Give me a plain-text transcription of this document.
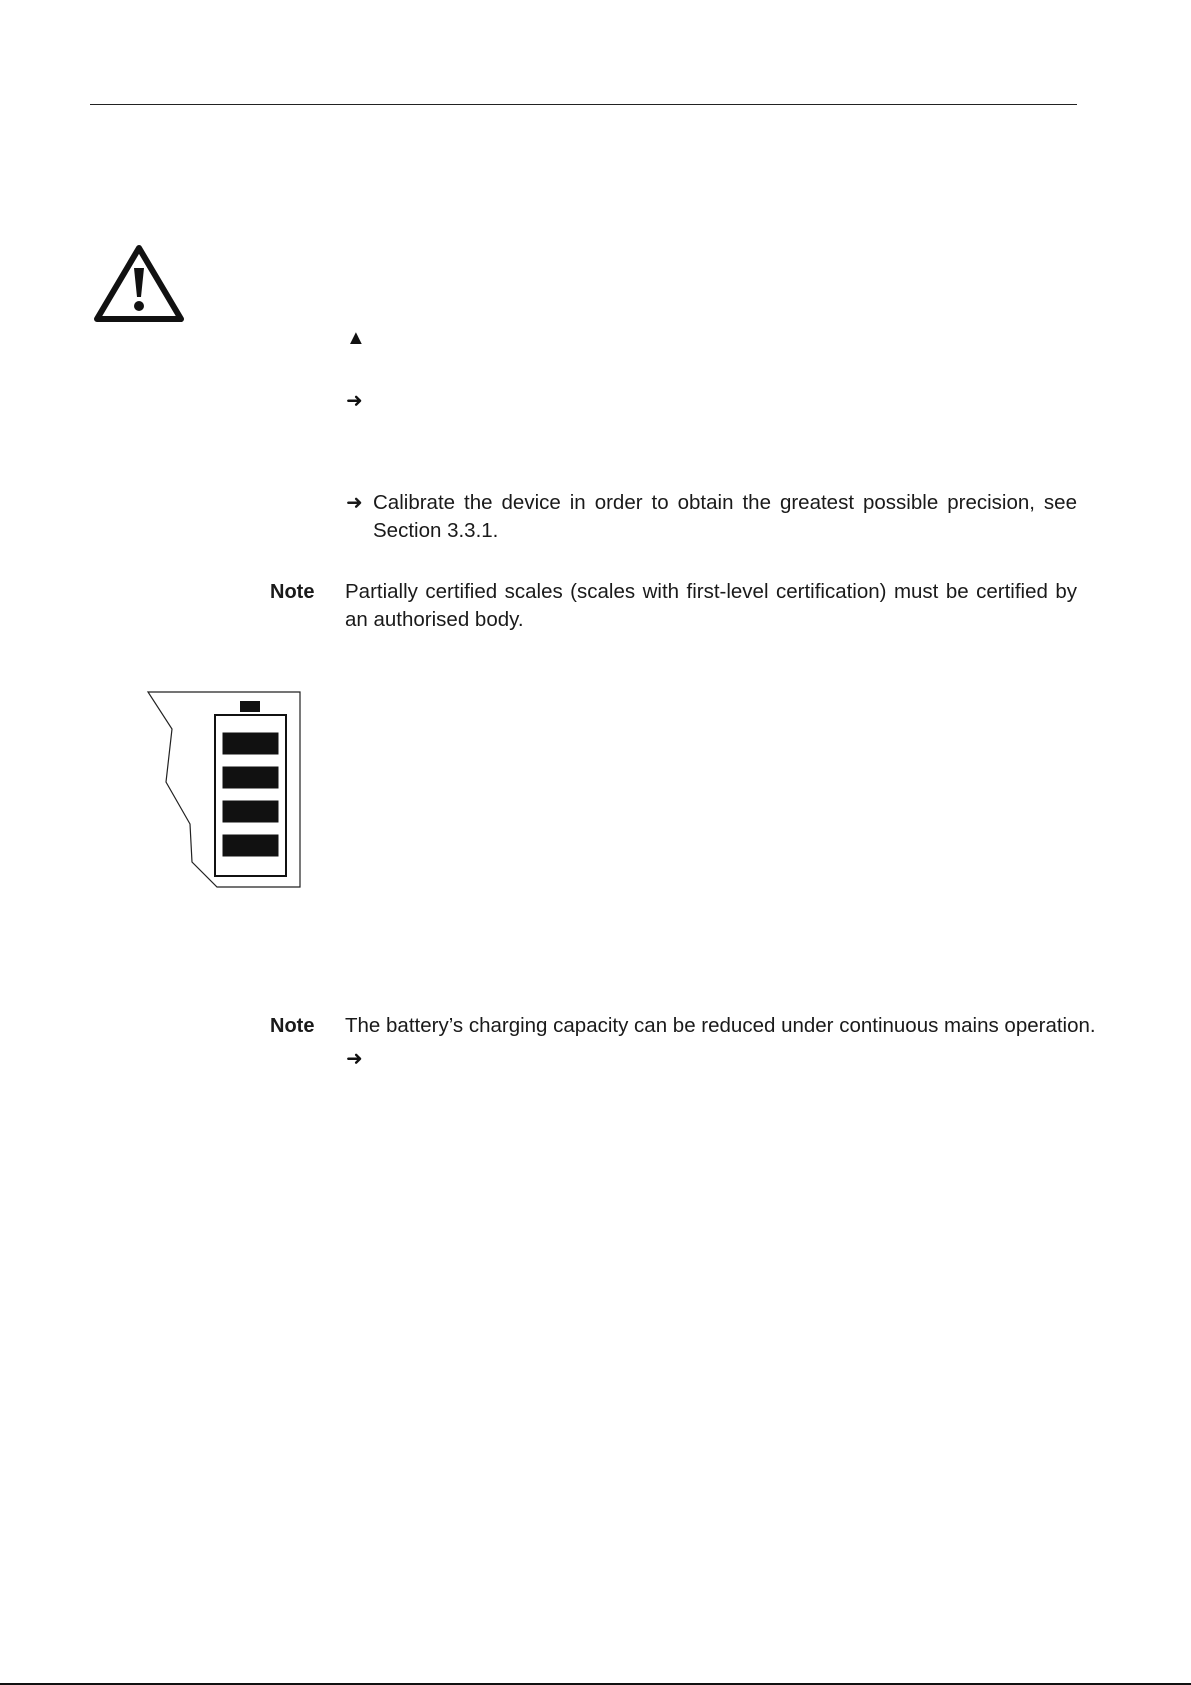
▲
➜
➜ Calibrate the device in order to obtain the greatest possible precision, see Section 3.3.1.
Note Partially certified scales (scales with first-level certification) must be certified by an authorised body.
Note The battery’s charging capacity can be reduced under continuous mains operation.
➜
